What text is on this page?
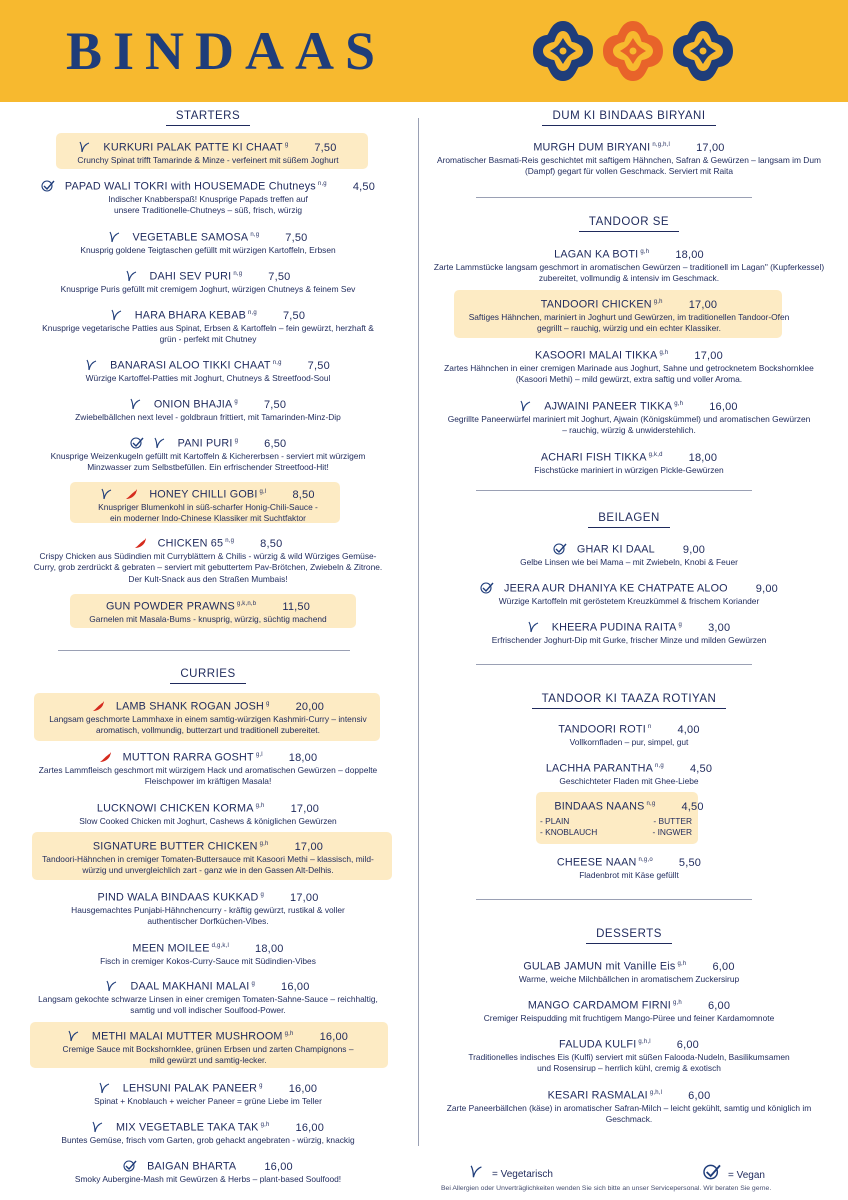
BINDAAS
STARTERS
KURKURI PALAK PATTE KI CHAAT $^g$ 7,50
Crunchy Spinat trifft Tamarinde & Minze - verfeinert mit süßem Joghurt
PAPAD WALI TOKRI with HOUSEMADE Chutneys $^{n,g}$ 4,50
Indischer Knabberspaß! Knusprige Papads treffen auf unsere Traditionelle-Chutneys – süß, frisch, würzig
VEGETABLE SAMOSA $^{n,g}$ 7,50
Knusprig goldene Teigtaschen gefüllt mit würzigen Kartoffeln, Erbsen
DAHI SEV PURI $^{n,g}$ 7,50
Knusprige Puris gefüllt mit cremigem Joghurt, würzigen Chutneys & feinem Sev
HARA BHARA KEBAB $^{n,g}$ 7,50
Knusprige vegetarische Patties aus Spinat, Erbsen & Kartoffeln – fein gewürzt, herzhaft & grün - perfekt mit Chutney
BANARASI ALOO TIKKI CHAAT $^{n,g}$ 7,50
Würzige Kartoffel-Patties mit Joghurt, Chutneys & Streetfood-Soul
ONION BHAJIA $^g$ 7,50
Zwiebelbällchen next level - goldbraun frittiert, mit Tamarinden-Minz-Dip
PANI PURI $^g$ 6,50
Knusprige Weizenkugeln gefüllt mit Kartoffeln & Kichererbsen - serviert mit würzigem Minzwasser zum Selbstbefüllen. Ein erfrischender Streetfood-Hit!
HONEY CHILLI GOBI $^{g,l}$ 8,50
Knuspriger Blumenkohl in süß-scharfer Honig-Chili-Sauce - ein moderner Indo-Chinese Klassiker mit Suchtfaktor
CHICKEN 65 $^{n,g}$ 8,50
Crispy Chicken aus Südindien mit Curryblättern & Chilis - würzig & wild Würziges Gemüse-Curry, grob zerdrückt & gebraten – serviert mit gebuttertem Pav-Brötchen, Zwiebeln & Zitrone. Der Kult-Snack aus den Straßen Mumbais!
GUN POWDER PRAWNS $^{g,k,n,b}$ 11,50
Garnelen mit Masala-Bums - knusprig, würzig, süchtig machend
CURRIES
LAMB SHANK ROGAN JOSH $^g$ 20,00
Langsam geschmorte Lammhaxe in einem samtig-würzigen Kashmiri-Curry – intensiv aromatisch, vollmundig, butterzart und traditionell zubereitet.
MUTTON RARRA GOSHT $^{g,l}$ 18,00
Zartes Lammfleisch geschmort mit würzigem Hack und aromatischen Gewürzen – doppelte Fleischpower im kräftigen Masala!
LUCKNOWI CHICKEN KORMA $^{g,h}$ 17,00
Slow Cooked Chicken mit Joghurt, Cashews & königlichen Gewürzen
SIGNATURE BUTTER CHICKEN $^{g,h}$ 17,00
Tandoori-Hähnchen in cremiger Tomaten-Buttersauce mit Kasoori Methi – klassisch, mild-würzig und unvergleichlich zart - ganz wie in den Gassen Alt-Delhis.
PIND WALA BINDAAS KUKKAD $^g$ 17,00
Hausgemachtes Punjabi-Hähnchencurry - kräftig gewürzt, rustikal & voller authentischer Dorfküchen-Vibes.
MEEN MOILEE $^{d,g,k,l}$ 18,00
Fisch in cremiger Kokos-Curry-Sauce mit Südindien-Vibes
DAAL MAKHANI MALAI $^g$ 16,00
Langsam gekochte schwarze Linsen in einer cremigen Tomaten-Sahne-Sauce – reichhaltig, samtig und voll indischer Soulfood-Power.
METHI MALAI MUTTER MUSHROOM $^{g,h}$ 16,00
Cremige Sauce mit Bockshornklee, grünen Erbsen und zarten Champignons – mild gewürzt und samtig-lecker.
LEHSUNI PALAK PANEER $^g$ 16,00
Spinat + Knoblauch + weicher Paneer = grüne Liebe im Teller
MIX VEGETABLE TAKA TAK $^{g,h}$ 16,00
Buntes Gemüse, frisch vom Garten, grob gehackt angebraten - würzig, knackig
BAIGAN BHARTA	16,00
Smoky Aubergine-Mash mit Gewürzen & Herbs – plant-based Soulfood!
DUM KI BINDAAS BIRYANI
MURGH DUM BIRYANI $^{n,g,h,l}$ 17,00
Aromatischer Basmati-Reis geschichtet mit saftigem Hähnchen, Safran & Gewürzen – langsam im Dum (Dampf) gegart für vollen Geschmack. Serviert mit Raita
TANDOOR SE
LAGAN KA BOTI $^{g,h}$ 18,00
Zarte Lammstücke langsam geschmort in aromatischen Gewürzen – traditionell im Lagan" (Kupferkessel) zubereitet, vollmundig & intensiv im Geschmack.
TANDOORI CHICKEN $^{g,h}$ 17,00
Saftiges Hähnchen, mariniert in Joghurt und Gewürzen, im traditionellen Tandoor-Ofen gegrillt – rauchig, würzig und ein echter Klassiker.
KASOORI MALAI TIKKA $^{g,h}$ 17,00
Zartes Hähnchen in einer cremigen Marinade aus Joghurt, Sahne und getrocknetem Bockshornklee (Kasoori Methi) – mild gewürzt, extra saftig und voller Aroma.
AJWAINI PANEER TIKKA $^{g,h}$ 16,00
Gegrillte Paneerwürfel mariniert mit Joghurt, Ajwain (Königskümmel) und aromatischen Gewürzen – rauchig, würzig & unwiderstehlich.
ACHARI FISH TIKKA $^{g,k,d}$ 18,00
Fischstücke mariniert in würzigen Pickle-Gewürzen
BEILAGEN
GHAR KI DAAL	9,00
Gelbe Linsen wie bei Mama – mit Zwiebeln, Knobi & Feuer
JEERA AUR DHANIYA KE CHATPATE ALOO	9,00
Würzige Kartoffeln mit geröstetem Kreuzkümmel & frischem Koriander
KHEERA PUDINA RAITA $^g$ 3,00
Erfrischender Joghurt-Dip mit Gurke, frischer Minze und milden Gewürzen
TANDOOR KI TAAZA ROTIYAN
TANDOORI ROTI $^n$ 4,00
Vollkornfladen – pur, simpel, gut
LACHHA PARANTHA $^{n,g}$ 4,50
Geschichteter Fladen mit Ghee-Liebe
BINDAAS NAANS $^{n,g}$ 4,50
- PLAIN	- BUTTER
- KNOBLAUCH	- INGWER
CHEESE NAAN $^{n,g,o}$ 5,50
Fladenbrot mit Käse gefüllt
DESSERTS
GULAB JAMUN mit Vanille Eis $^{g,h}$ 6,00
Warme, weiche Milchbällchen in aromatischem Zuckersirup
MANGO CARDAMOM FIRNI $^{g,h}$ 6,00
Cremiger Reispudding mit fruchtigem Mango-Püree und feiner Kardamomnote
FALUDA KULFI $^{g,h,l}$ 6,00
Traditionelles indisches Eis (Kulfi) serviert mit süßen Falooda-Nudeln, Basilikumsamen und Rosensirup – herrlich kühl, cremig & exotisch
KESARI RASMALAI $^{g,h,l}$ 6,00
Zarte Paneerbällchen (käse) in aromatischer Safran-Milch – leicht gekühlt, samtig und königlich im Geschmack.
= Vegetarisch	= Vegan
Bei Allergien oder Unverträglichkeiten wenden Sie sich bitte an unser Servicepersonal. Wir beraten Sie gerne.
